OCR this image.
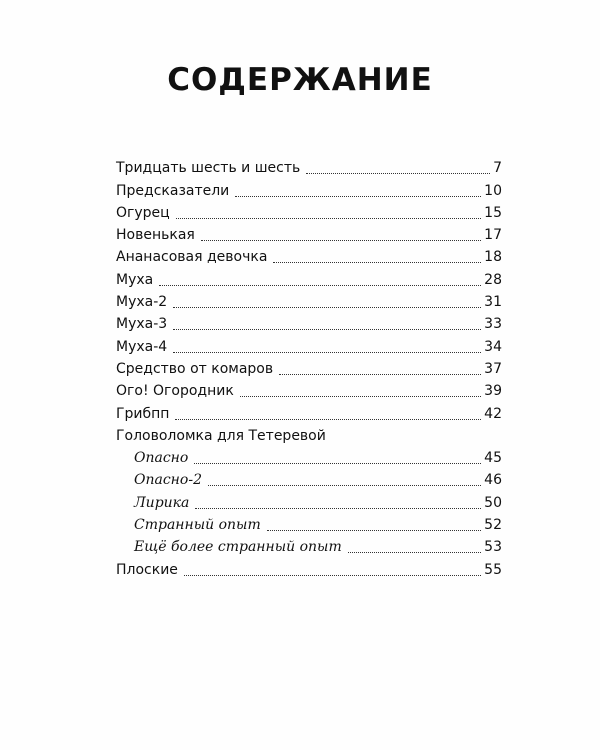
СОДЕРЖАНИЕ
Тридцать шесть и шесть	7
Предсказатели	10
Огурец	15
Новенькая	17
Ананасовая девочка	18
Муха	28
Муха-2	31
Муха-3	33
Муха-4	34
Средство от комаров	37
Ого! Огородник	39
Грибпп	42
Головоломка для Тетеревой
Опасно	45
Опасно-2	46
Лирика	50
Странный опыт	52
Ещё более странный опыт	53
Плоские	55
